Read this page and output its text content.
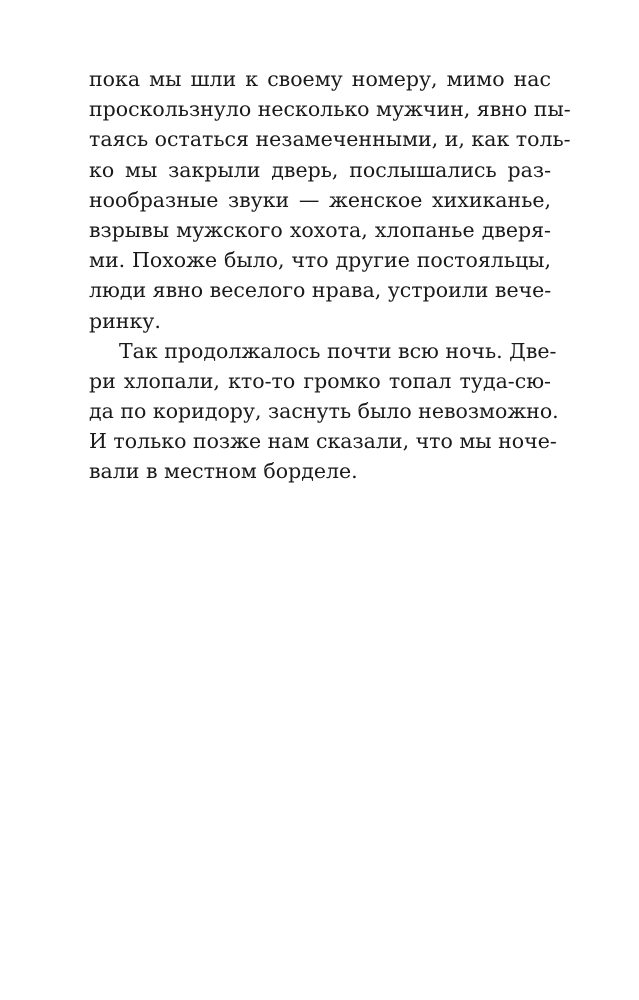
пока мы шли к своему номеру, мимо нас
проскользнуло несколько мужчин, явно пы-
таясь остаться незамеченными, и, как толь-
ко мы закрыли дверь, послышались раз-
нообразные звуки — женское хихиканье,
взрывы мужского хохота, хлопанье дверя-
ми. Похоже было, что другие постояльцы,
люди явно веселого нрава, устроили вече-
ринку.
Так продолжалось почти всю ночь. Две-
ри хлопали, кто-то громко топал туда-сю-
да по коридору, заснуть было невозможно.
И только позже нам сказали, что мы ноче-
вали в местном борделе.
